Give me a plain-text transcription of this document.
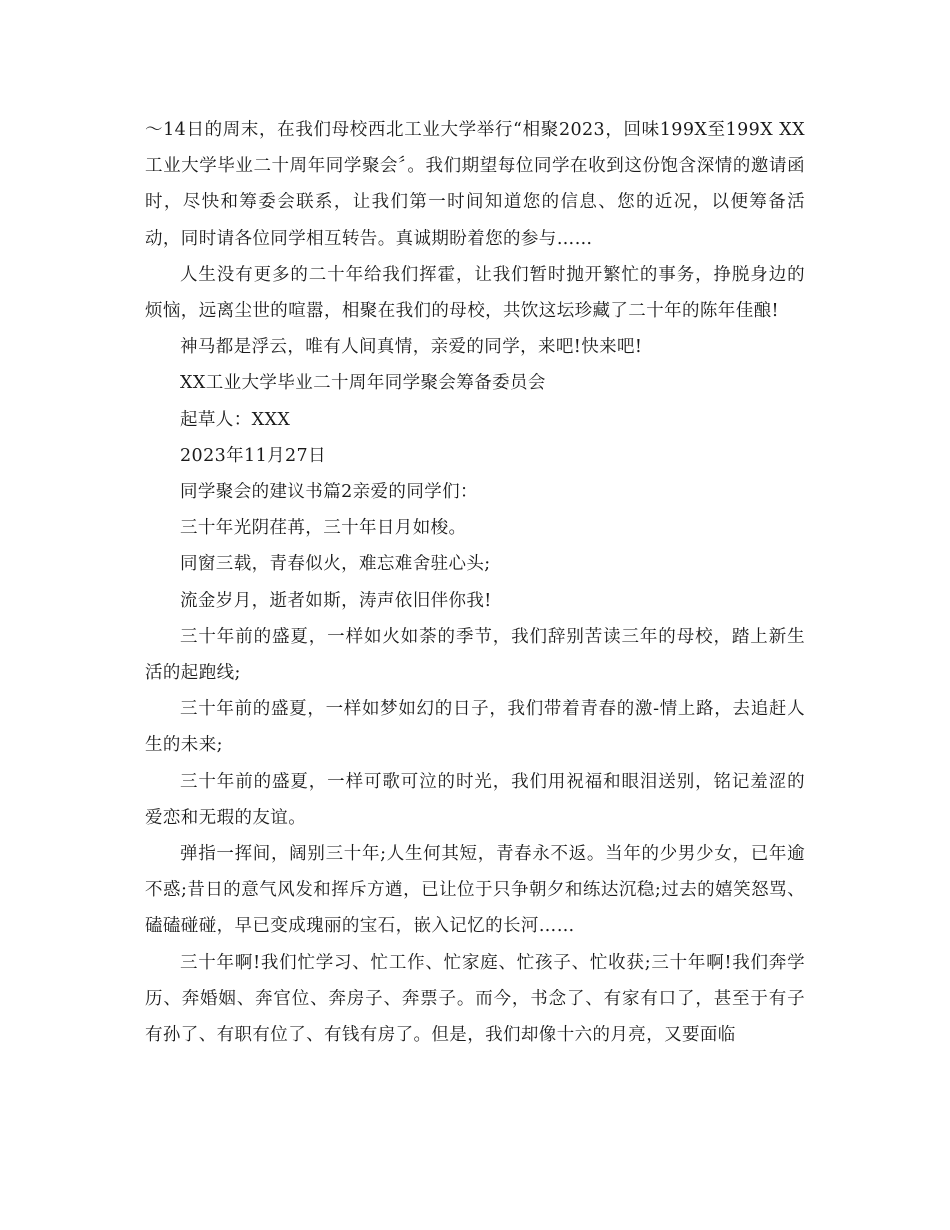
～14日的周末，在我们母校西北工业大学举行“相聚2023，回味199X至199X XX工业大学毕业二十周年同学聚会〞。我们期望每位同学在收到这份饱含深情的邀请函时，尽快和筹委会联系，让我们第一时间知道您的信息、您的近况，以便筹备活动，同时请各位同学相互转告。真诚期盼着您的参与……

人生没有更多的二十年给我们挥霍，让我们暂时抛开繁忙的事务，挣脱身边的烦恼，远离尘世的喧嚣，相聚在我们的母校，共饮这坛珍藏了二十年的陈年佳酿!

神马都是浮云，唯有人间真情，亲爱的同学，来吧!快来吧!

XX工业大学毕业二十周年同学聚会筹备委员会

起草人：XXX

2023年11月27日

同学聚会的建议书篇2亲爱的同学们：

三十年光阴荏苒，三十年日月如梭。

同窗三载，青春似火，难忘难舍驻心头;

流金岁月，逝者如斯，涛声依旧伴你我!

三十年前的盛夏，一样如火如荼的季节，我们辞别苦读三年的母校，踏上新生活的起跑线;

三十年前的盛夏，一样如梦如幻的日子，我们带着青春的激-情上路，去追赶人生的未来;

三十年前的盛夏，一样可歌可泣的时光，我们用祝福和眼泪送别，铭记羞涩的爱恋和无瑕的友谊。

弹指一挥间，阔别三十年;人生何其短，青春永不返。当年的少男少女，已年逾不惑;昔日的意气风发和挥斥方遒，已让位于只争朝夕和练达沉稳;过去的嬉笑怒骂、磕磕碰碰，早已变成瑰丽的宝石，嵌入记忆的长河……

三十年啊!我们忙学习、忙工作、忙家庭、忙孩子、忙收获;三十年啊!我们奔学历、奔婚姻、奔官位、奔房子、奔票子。而今，书念了、有家有口了，甚至于有子有孙了、有职有位了、有钱有房了。但是，我们却像十六的月亮，又要面临
